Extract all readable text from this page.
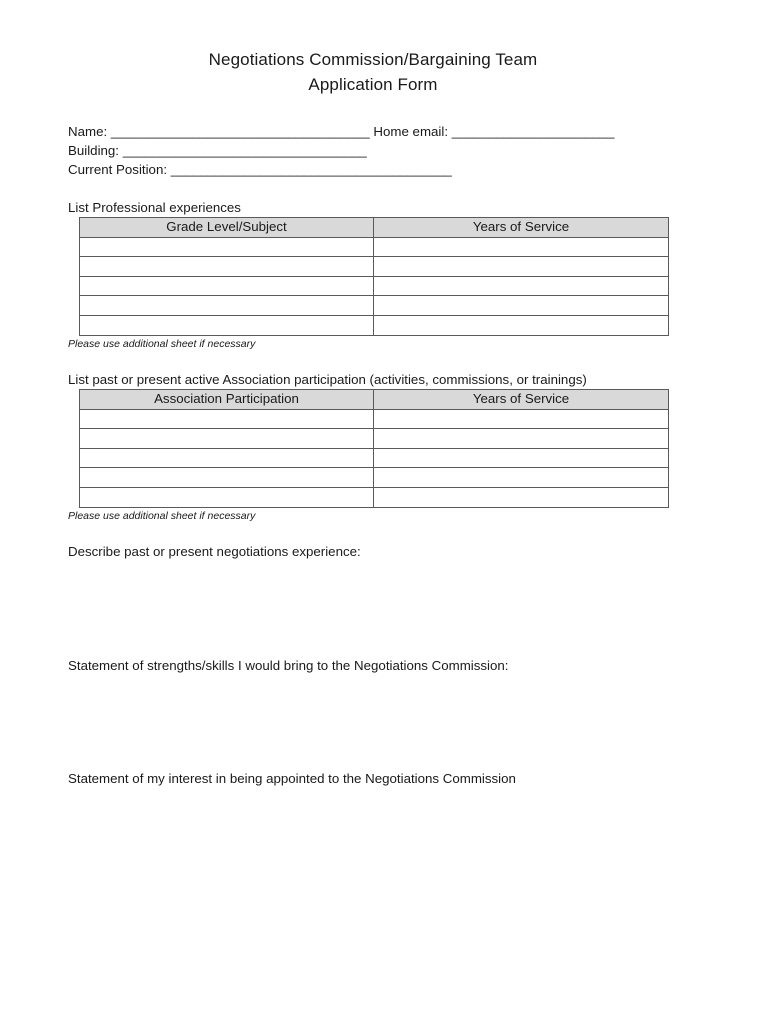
Negotiations Commission/Bargaining Team
Application Form
Name: ___________________________________ Home email: ______________________
Building: _________________________________
Current Position: ______________________________________
List Professional experiences
Grade Level/Subject	Years of Service

Please use additional sheet if necessary
List past or present active Association participation (activities, commissions, or trainings)
Association Participation	Years of Service

Please use additional sheet if necessary
Describe past or present negotiations experience:
Statement of strengths/skills I would bring to the Negotiations Commission:
Statement of my interest in being appointed to the Negotiations Commission
